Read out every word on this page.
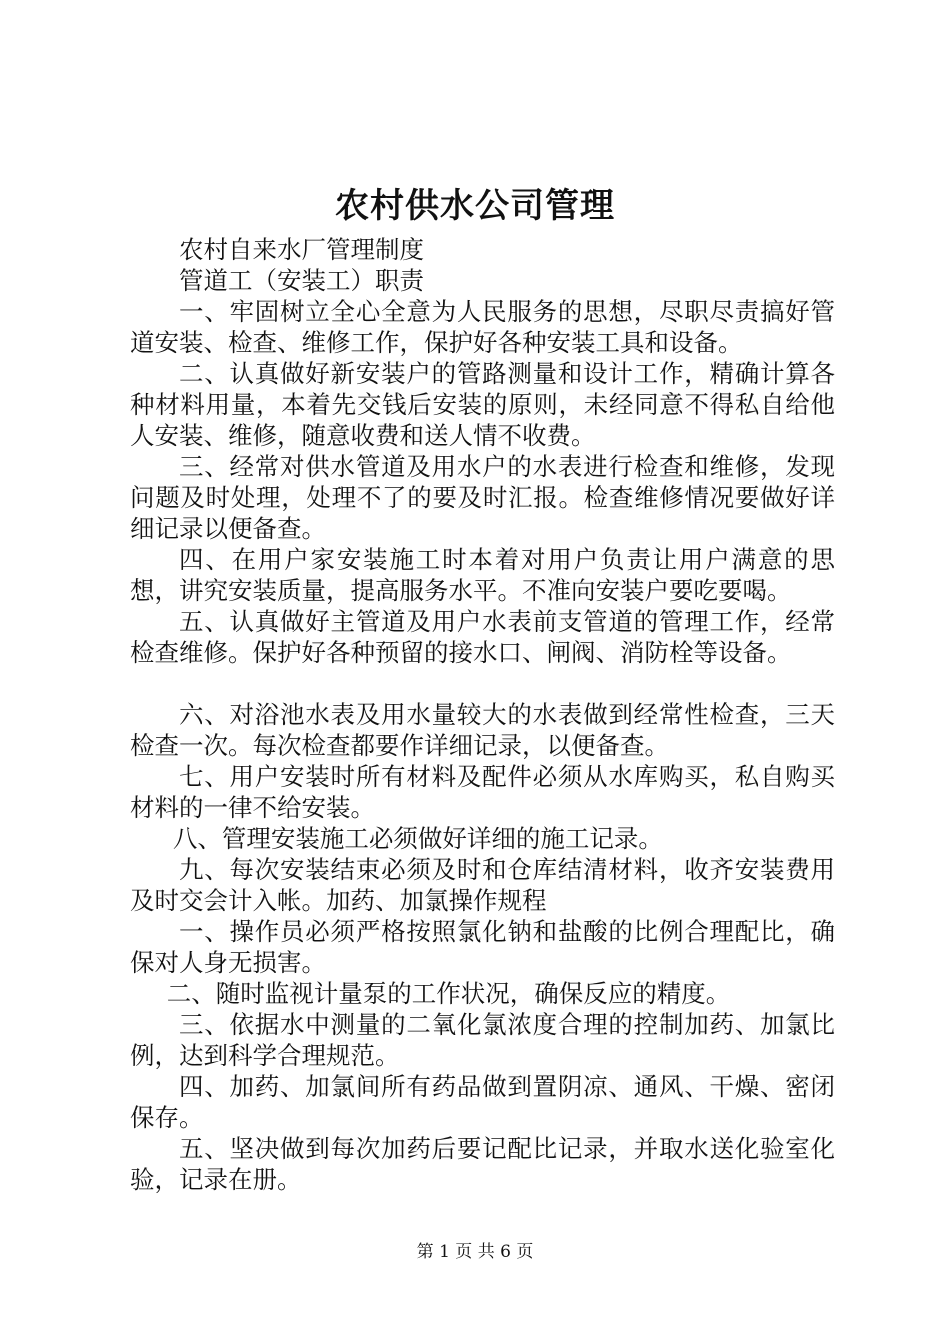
农村供水公司管理

农村自来水厂管理制度

管道工（安装工）职责

一、牢固树立全心全意为人民服务的思想，尽职尽责搞好管道安装、检查、维修工作，保护好各种安装工具和设备。

二、认真做好新安装户的管路测量和设计工作，精确计算各种材料用量，本着先交钱后安装的原则，未经同意不得私自给他人安装、维修，随意收费和送人情不收费。

三、经常对供水管道及用水户的水表进行检查和维修，发现问题及时处理，处理不了的要及时汇报。检查维修情况要做好详细记录以便备查。

四、在用户家安装施工时本着对用户负责让用户满意的思想，讲究安装质量，提高服务水平。不准向安装户要吃要喝。

五、认真做好主管道及用户水表前支管道的管理工作，经常检查维修。保护好各种预留的接水口、闸阀、消防栓等设备。

六、对浴池水表及用水量较大的水表做到经常性检查，三天检查一次。每次检查都要作详细记录，以便备查。

七、用户安装时所有材料及配件必须从水库购买，私自购买材料的一律不给安装。

八、管理安装施工必须做好详细的施工记录。

九、每次安装结束必须及时和仓库结清材料，收齐安装费用及时交会计入帐。加药、加氯操作规程

一、操作员必须严格按照氯化钠和盐酸的比例合理配比，确保对人身无损害。

二、随时监视计量泵的工作状况，确保反应的精度。

三、依据水中测量的二氧化氯浓度合理的控制加药、加氯比例，达到科学合理规范。

四、加药、加氯间所有药品做到置阴凉、通风、干燥、密闭保存。

五、坚决做到每次加药后要记配比记录，并取水送化验室化验，记录在册。

第 1 页 共 6 页
